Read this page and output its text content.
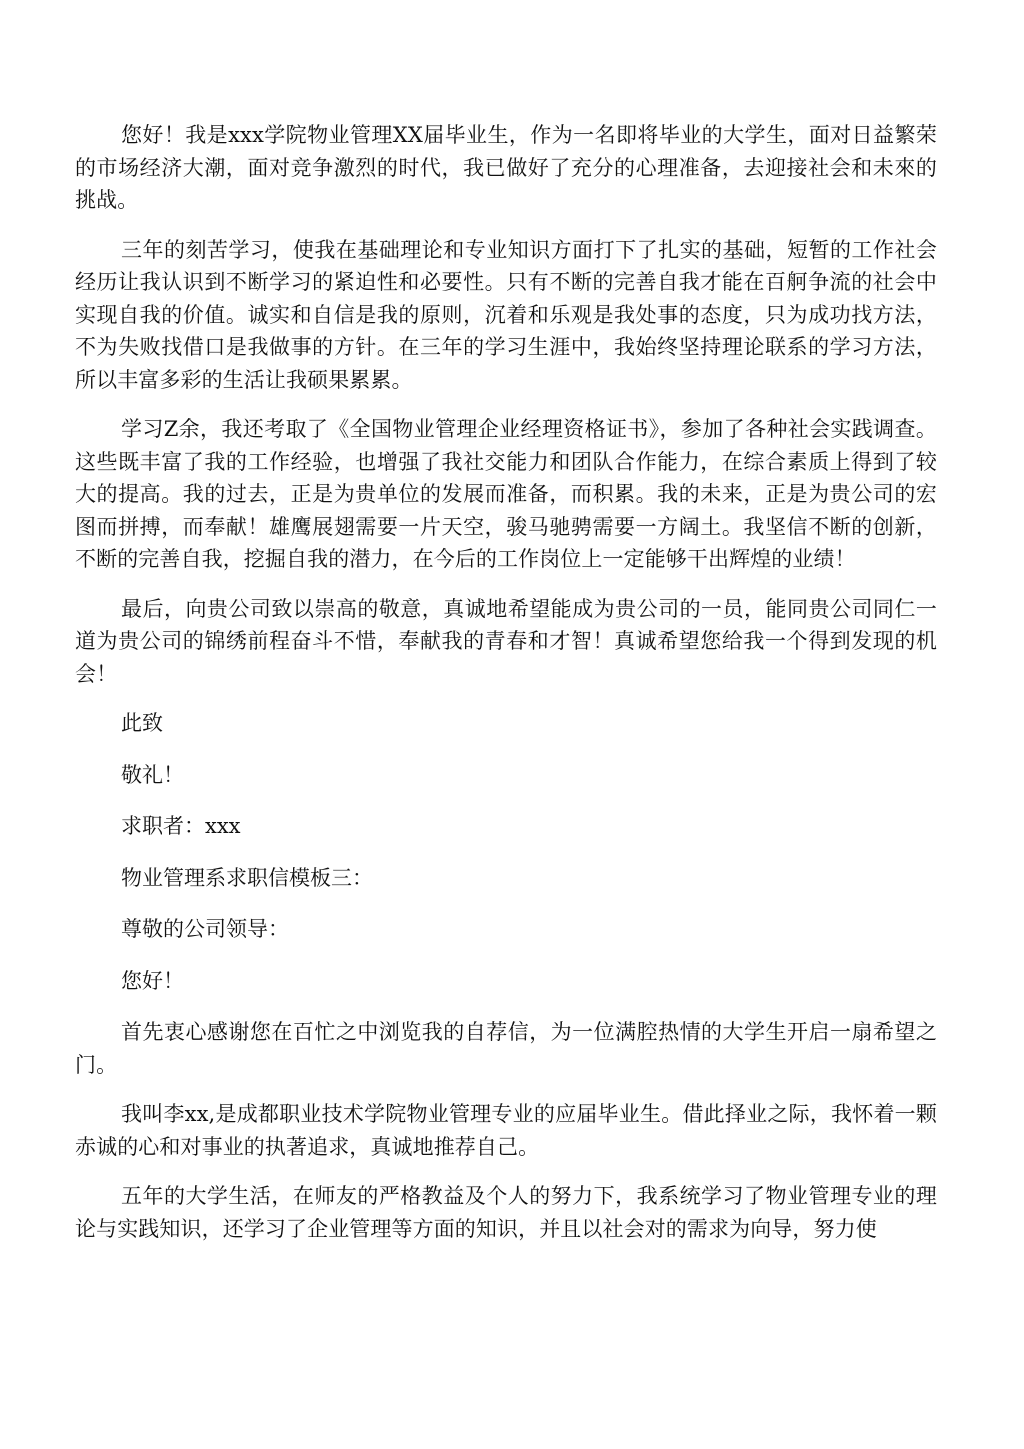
您好！我是xxx学院物业管理XX届毕业生，作为一名即将毕业的大学生，面对日益繁荣的市场经济大潮，面对竞争激烈的时代，我已做好了充分的心理准备，去迎接社会和未來的挑战。

三年的刻苦学习，使我在基础理论和专业知识方面打下了扎实的基础，短暂的工作社会经历让我认识到不断学习的紧迫性和必要性。只有不断的完善自我才能在百舸争流的社会中实现自我的价值。诚实和自信是我的原则，沉着和乐观是我处事的态度，只为成功找方法，不为失败找借口是我做事的方针。在三年的学习生涯中，我始终坚持理论联系的学习方法，所以丰富多彩的生活让我硕果累累。

学习Z余，我还考取了《全国物业管理企业经理资格证书》，参加了各种社会实践调查。这些既丰富了我的工作经验，也增强了我社交能力和团队合作能力，在综合素质上得到了较大的提高。我的过去，正是为贵单位的发展而准备，而积累。我的未来，正是为贵公司的宏图而拼搏，而奉献！雄鹰展翅需要一片天空，骏马驰骋需要一方阔土。我坚信不断的创新，不断的完善自我，挖掘自我的潜力，在今后的工作岗位上一定能够干出辉煌的业绩！

最后，向贵公司致以崇高的敬意，真诚地希望能成为贵公司的一员，能同贵公司同仁一道为贵公司的锦绣前程奋斗不惜，奉献我的青春和才智！真诚希望您给我一个得到发现的机会！

此致

敬礼！

求职者：xxx

物业管理系求职信模板三：

尊敬的公司领导：

您好！

首先衷心感谢您在百忙之中浏览我的自荐信，为一位满腔热情的大学生开启一扇希望之门。

我叫李xx,是成都职业技术学院物业管理专业的应届毕业生。借此择业之际，我怀着一颗赤诚的心和对事业的执著追求，真诚地推荐自己。

五年的大学生活，在师友的严格教益及个人的努力下，我系统学习了物业管理专业的理论与实践知识，还学习了企业管理等方面的知识，并且以社会对的需求为向导，努力使
